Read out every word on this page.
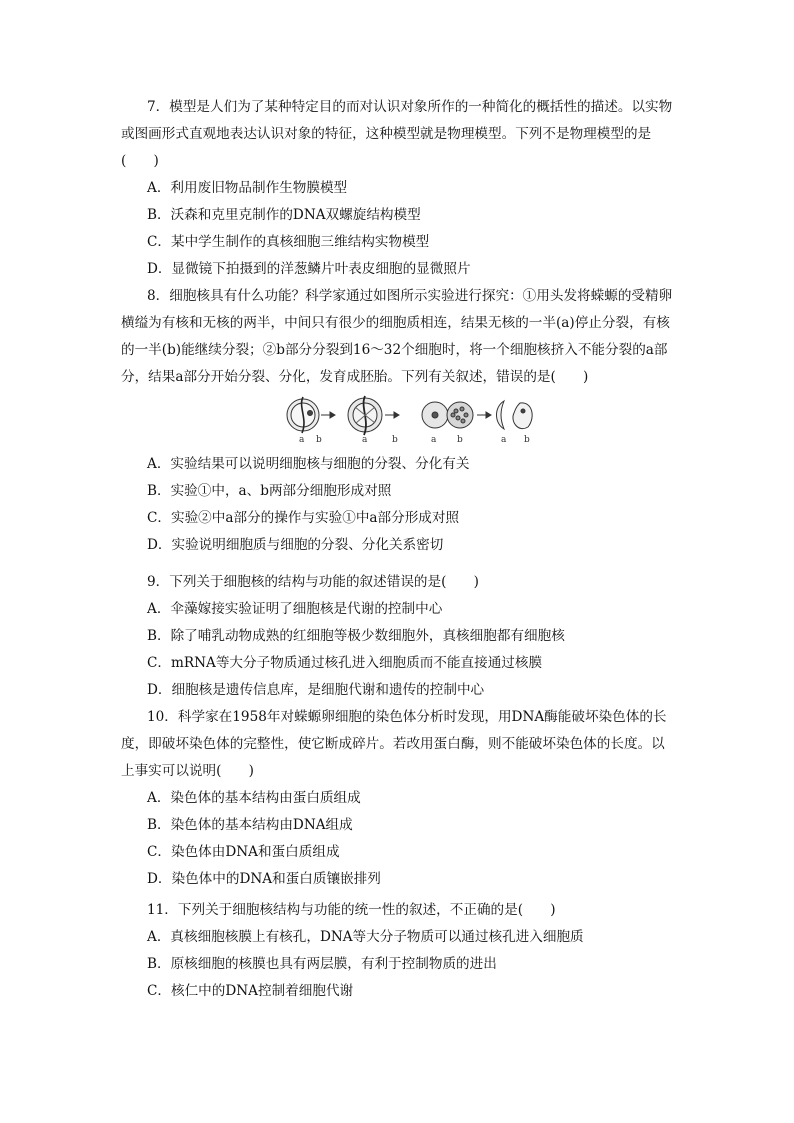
7．模型是人们为了某种特定目的而对认识对象所作的一种简化的概括性的描述。以实物或图画形式直观地表达认识对象的特征，这种模型就是物理模型。下列不是物理模型的是(　　)

A．利用废旧物品制作生物膜模型

B．沃森和克里克制作的DNA双螺旋结构模型

C．某中学生制作的真核细胞三维结构实物模型

D．显微镜下拍摄到的洋葱鳞片叶表皮细胞的显微照片

8．细胞核具有什么功能？科学家通过如图所示实验进行探究：①用头发将蝾螈的受精卵横缢为有核和无核的两半，中间只有很少的细胞质相连，结果无核的一半(a)停止分裂，有核的一半(b)能继续分裂；②b部分分裂到16～32个细胞时，将一个细胞核挤入不能分裂的a部分，结果a部分开始分裂、分化，发育成胚胎。下列有关叙述，错误的是(　　)

a b	a	b	a b	a b

A．实验结果可以说明细胞核与细胞的分裂、分化有关

B．实验①中，a、b两部分细胞形成对照

C．实验②中a部分的操作与实验①中a部分形成对照

D．实验说明细胞质与细胞的分裂、分化关系密切

9．下列关于细胞核的结构与功能的叙述错误的是(　　)

A．伞藻嫁接实验证明了细胞核是代谢的控制中心

B．除了哺乳动物成熟的红细胞等极少数细胞外，真核细胞都有细胞核

C．mRNA等大分子物质通过核孔进入细胞质而不能直接通过核膜

D．细胞核是遗传信息库，是细胞代谢和遗传的控制中心

10．科学家在1958年对蝾螈卵细胞的染色体分析时发现，用DNA酶能破坏染色体的长度，即破坏染色体的完整性，使它断成碎片。若改用蛋白酶，则不能破坏染色体的长度。以上事实可以说明(　　)

A．染色体的基本结构由蛋白质组成

B．染色体的基本结构由DNA组成

C．染色体由DNA和蛋白质组成

D．染色体中的DNA和蛋白质镶嵌排列

11．下列关于细胞核结构与功能的统一性的叙述，不正确的是(　　)

A．真核细胞核膜上有核孔，DNA等大分子物质可以通过核孔进入细胞质

B．原核细胞的核膜也具有两层膜，有利于控制物质的进出

C．核仁中的DNA控制着细胞代谢
